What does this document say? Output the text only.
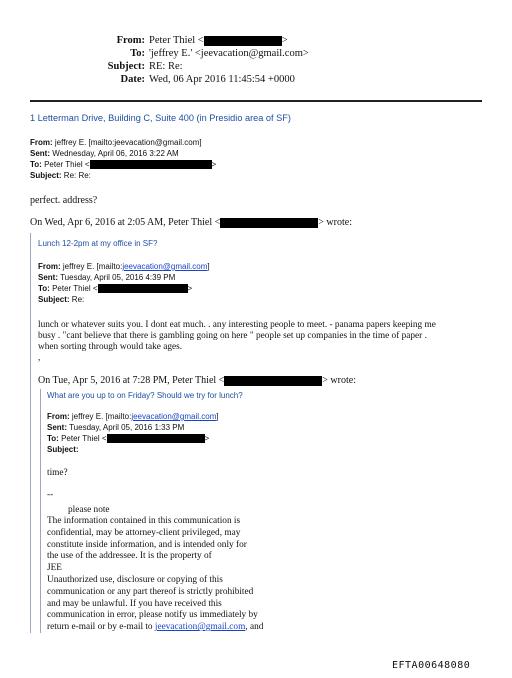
From: Peter Thiel <	>
To: 'jeffrey E.' <jeevacation@gmail.com>
Subject: RE: Re:
Date: Wed, 06 Apr 2016 11:45:54 +0000
1 Letterman Drive, Building C, Suite 400 (in Presidio area of SF)
From: jeffrey E. [mailto:jeevacation@gmail.com]
Sent: Wednesday, April 06, 2016 3:22 AM
To: Peter Thiel <	>
Subject: Re: Re:
perfect. address?
On Wed, Apr 6, 2016 at 2:05 AM, Peter Thiel <	> wrote:
Lunch 12-2pm at my office in SF?
From: jeffrey E. [mailto:jeevacation@gmail.com]
Sent: Tuesday, April 05, 2016 4:39 PM
To: Peter Thiel <	>
Subject: Re:
lunch or whatever suits you. I dont eat much. . any interesting people to meet. - panama papers keeping me
busy . "cant believe that there is gambling going on here " people set up companies in the time of paper .
when sorting through would take ages.
,
On Tue, Apr 5, 2016 at 7:28 PM, Peter Thiel <	> wrote:
What are you up to on Friday? Should we try for lunch?
From: jeffrey E. [mailto:jeevacation@gmail.com]
Sent: Tuesday, April 05, 2016 1:33 PM
To: Peter Thiel <	>
Subject:
time?
--
please note
The information contained in this communication is
confidential, may be attorney-client privileged, may
constitute inside information, and is intended only for
the use of the addressee. It is the property of
JEE
Unauthorized use, disclosure or copying of this
communication or any part thereof is strictly prohibited
and may be unlawful. If you have received this
communication in error, please notify us immediately by
return e-mail or by e-mail to jeevacation@gmail.com, and
EFTA00648080
